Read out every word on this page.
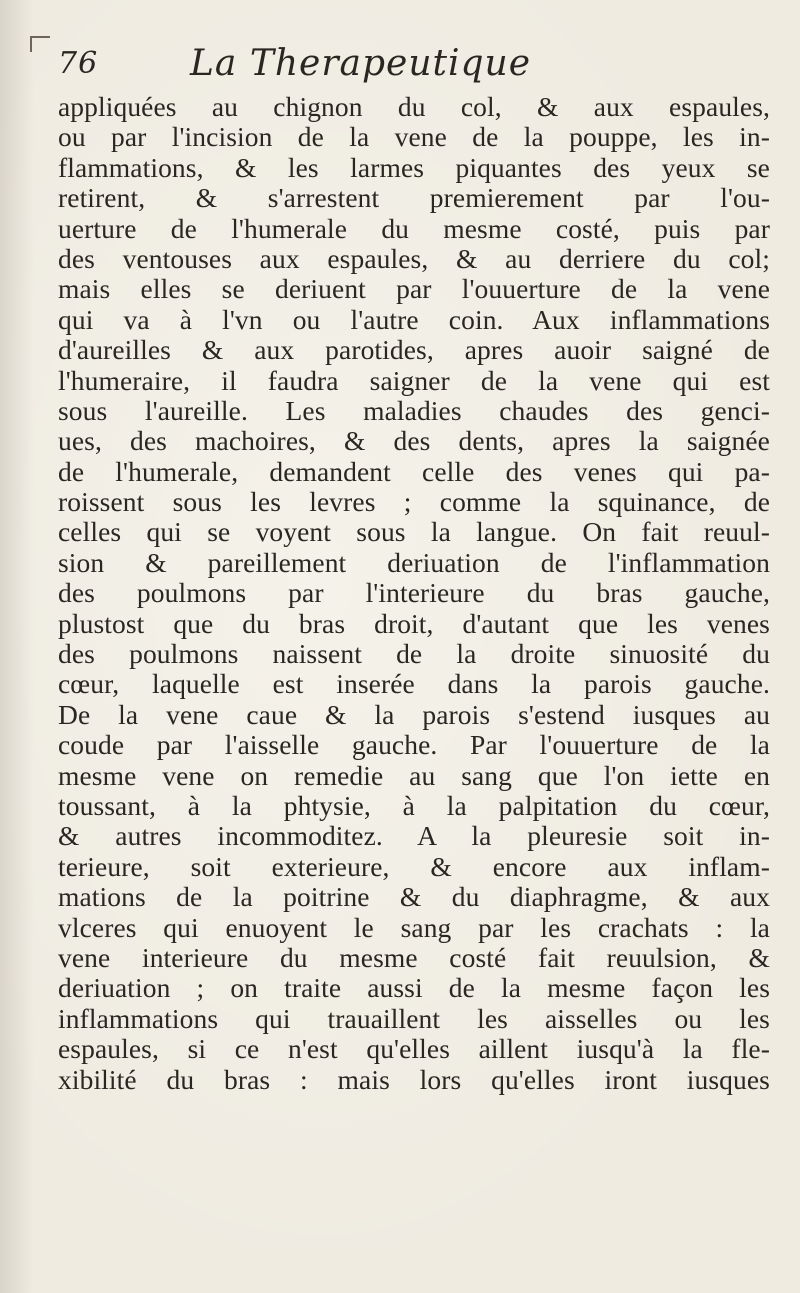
76	La Therapeutique
appliquées au chignon du col, & aux espaules,
ou par l'incision de la vene de la pouppe, les in-
flammations, & les larmes piquantes des yeux se
retirent, & s'arrestent premierement par l'ou-
uerture de l'humerale du mesme costé, puis par
des ventouses aux espaules, & au derriere du col;
mais elles se deriuent par l'ouuerture de la vene
qui va à l'vn ou l'autre coin. Aux inflammations
d'aureilles & aux parotides, apres auoir saigné de
l'humeraire, il faudra saigner de la vene qui est
sous l'aureille. Les maladies chaudes des genci-
ues, des machoires, & des dents, apres la saignée
de l'humerale, demandent celle des venes qui pa-
roissent sous les levres ; comme la squinance, de
celles qui se voyent sous la langue. On fait reuul-
sion & pareillement deriuation de l'inflammation
des poulmons par l'interieure du bras gauche,
plustost que du bras droit, d'autant que les venes
des poulmons naissent de la droite sinuosité du
cœur, laquelle est inserée dans la parois gauche.
De la vene caue & la parois s'estend iusques au
coude par l'aisselle gauche. Par l'ouuerture de la
mesme vene on remedie au sang que l'on iette en
toussant, à la phtysie, à la palpitation du cœur,
& autres incommoditez. A la pleuresie soit in-
terieure, soit exterieure, & encore aux inflam-
mations de la poitrine & du diaphragme, & aux
vlceres qui enuoyent le sang par les crachats : la
vene interieure du mesme costé fait reuulsion, &
deriuation ; on traite aussi de la mesme façon les
inflammations qui trauaillent les aisselles ou les
espaules, si ce n'est qu'elles aillent iusqu'à la fle-
xibilité du bras : mais lors qu'elles iront iusques
